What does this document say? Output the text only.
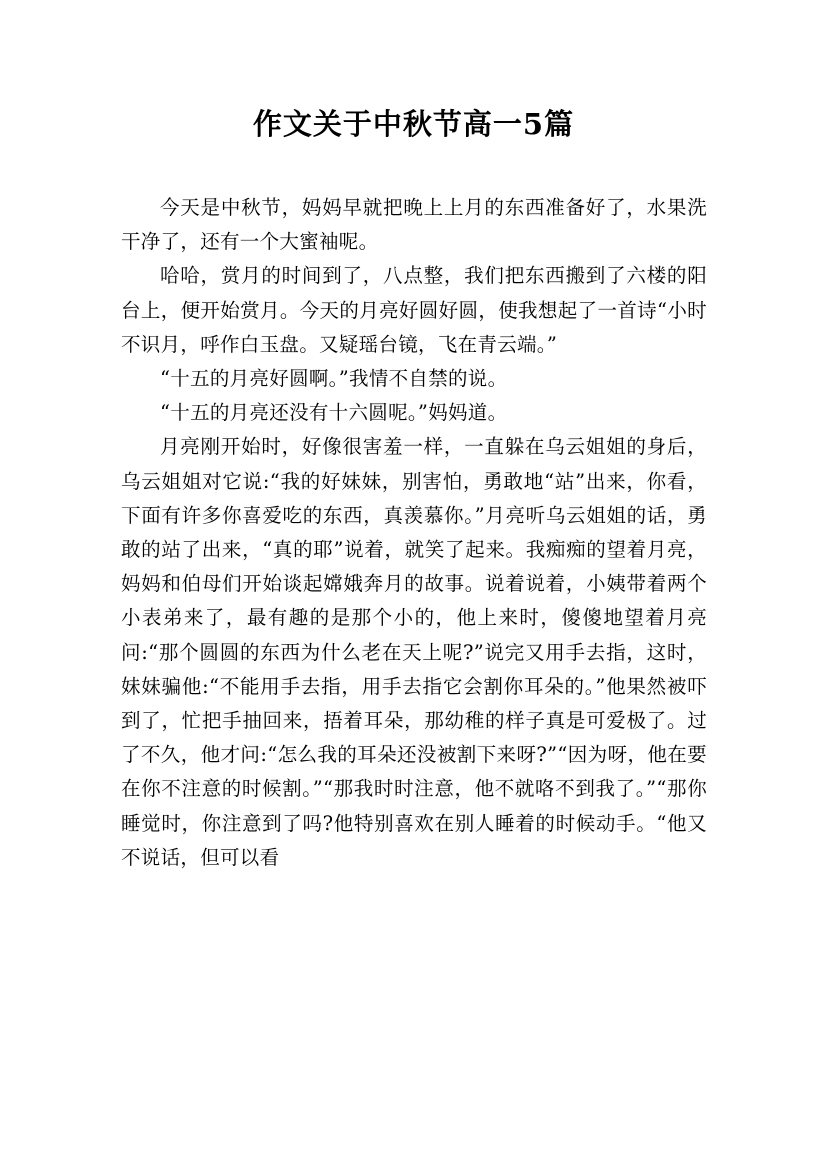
作文关于中秋节高一5篇

今天是中秋节，妈妈早就把晚上上月的东西准备好了，水果洗干净了，还有一个大蜜袖呢。

哈哈，赏月的时间到了，八点整，我们把东西搬到了六楼的阳台上，便开始赏月。今天的月亮好圆好圆，使我想起了一首诗“小时不识月，呼作白玉盘。又疑瑶台镜，飞在青云端。”

“十五的月亮好圆啊。”我情不自禁的说。

“十五的月亮还没有十六圆呢。”妈妈道。

月亮刚开始时，好像很害羞一样，一直躲在乌云姐姐的身后，乌云姐姐对它说:“我的好妹妹，别害怕，勇敢地“站”出来，你看，下面有许多你喜爱吃的东西，真羡慕你。”月亮听乌云姐姐的话，勇敢的站了出来，“真的耶”说着，就笑了起来。我痴痴的望着月亮，妈妈和伯母们开始谈起嫦娥奔月的故事。说着说着，小姨带着两个小表弟来了，最有趣的是那个小的，他上来时，傻傻地望着月亮问:“那个圆圆的东西为什么老在天上呢?”说完又用手去指，这时，妹妹骗他:“不能用手去指，用手去指它会割你耳朵的。”他果然被吓到了，忙把手抽回来，捂着耳朵，那幼稚的样子真是可爱极了。过了不久，他才问:“怎么我的耳朵还没被割下来呀?”“因为呀，他在要在你不注意的时候割。”“那我时时注意，他不就咯不到我了。”“那你睡觉时，你注意到了吗?他特别喜欢在别人睡着的时候动手。“他又不说话，但可以看
